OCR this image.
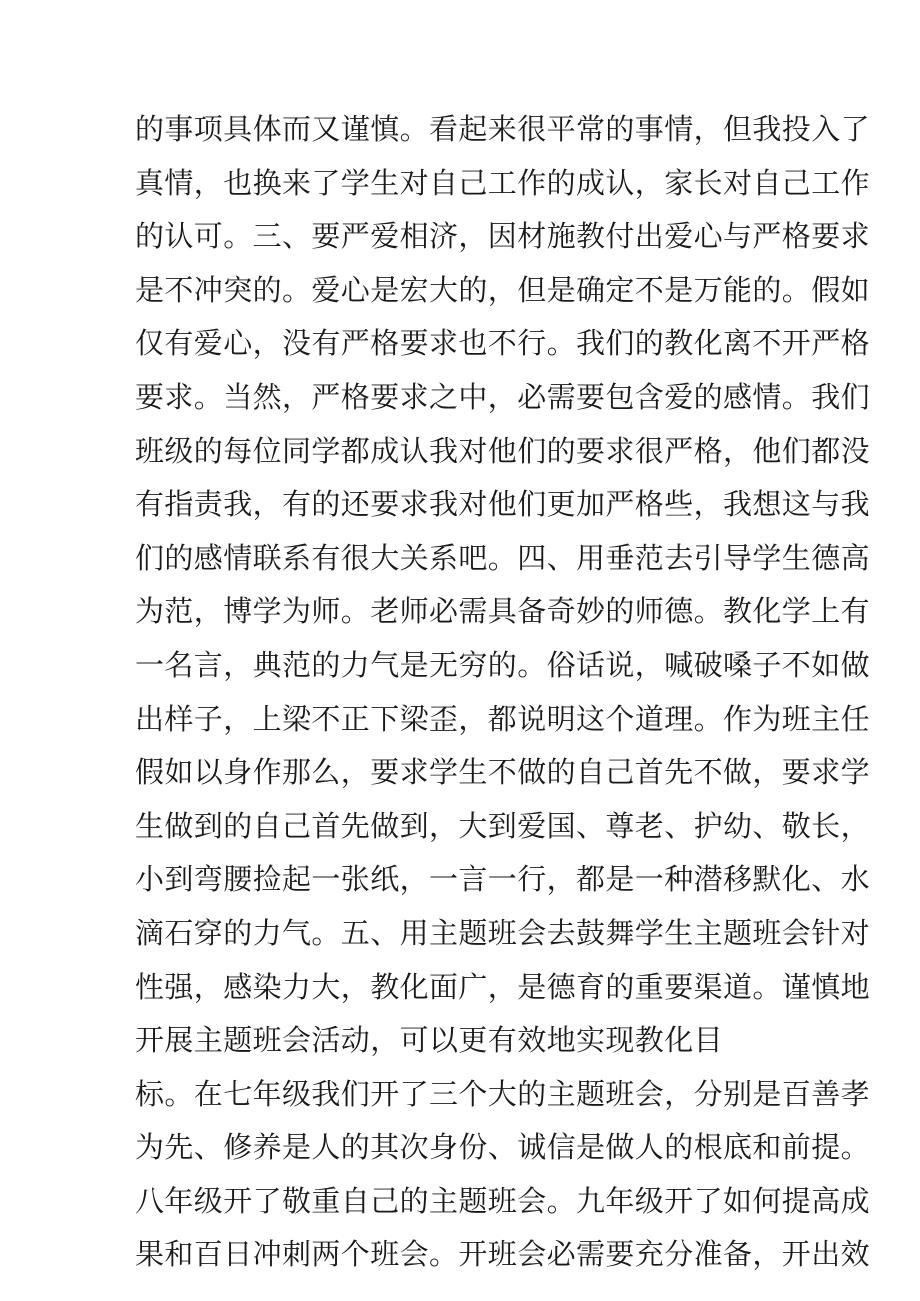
的事项具体而又谨慎。看起来很平常的事情，但我投入了
真情，也换来了学生对自己工作的成认，家长对自己工作
的认可。三、要严爱相济，因材施教付出爱心与严格要求
是不冲突的。爱心是宏大的，但是确定不是万能的。假如
仅有爱心，没有严格要求也不行。我们的教化离不开严格
要求。当然，严格要求之中，必需要包含爱的感情。我们
班级的每位同学都成认我对他们的要求很严格，他们都没
有指责我，有的还要求我对他们更加严格些，我想这与我
们的感情联系有很大关系吧。四、用垂范去引导学生德高
为范，博学为师。老师必需具备奇妙的师德。教化学上有
一名言，典范的力气是无穷的。俗话说，喊破嗓子不如做
出样子，上梁不正下梁歪，都说明这个道理。作为班主任
假如以身作那么，要求学生不做的自己首先不做，要求学
生做到的自己首先做到，大到爱国、尊老、护幼、敬长，
小到弯腰捡起一张纸，一言一行，都是一种潜移默化、水
滴石穿的力气。五、用主题班会去鼓舞学生主题班会针对
性强，感染力大，教化面广，是德育的重要渠道。谨慎地
开展主题班会活动，可以更有效地实现教化目
标。在七年级我们开了三个大的主题班会，分别是百善孝
为先、修养是人的其次身份、诚信是做人的根底和前提。
八年级开了敬重自己的主题班会。九年级开了如何提高成
果和百日冲刺两个班会。开班会必需要充分准备，开出效
